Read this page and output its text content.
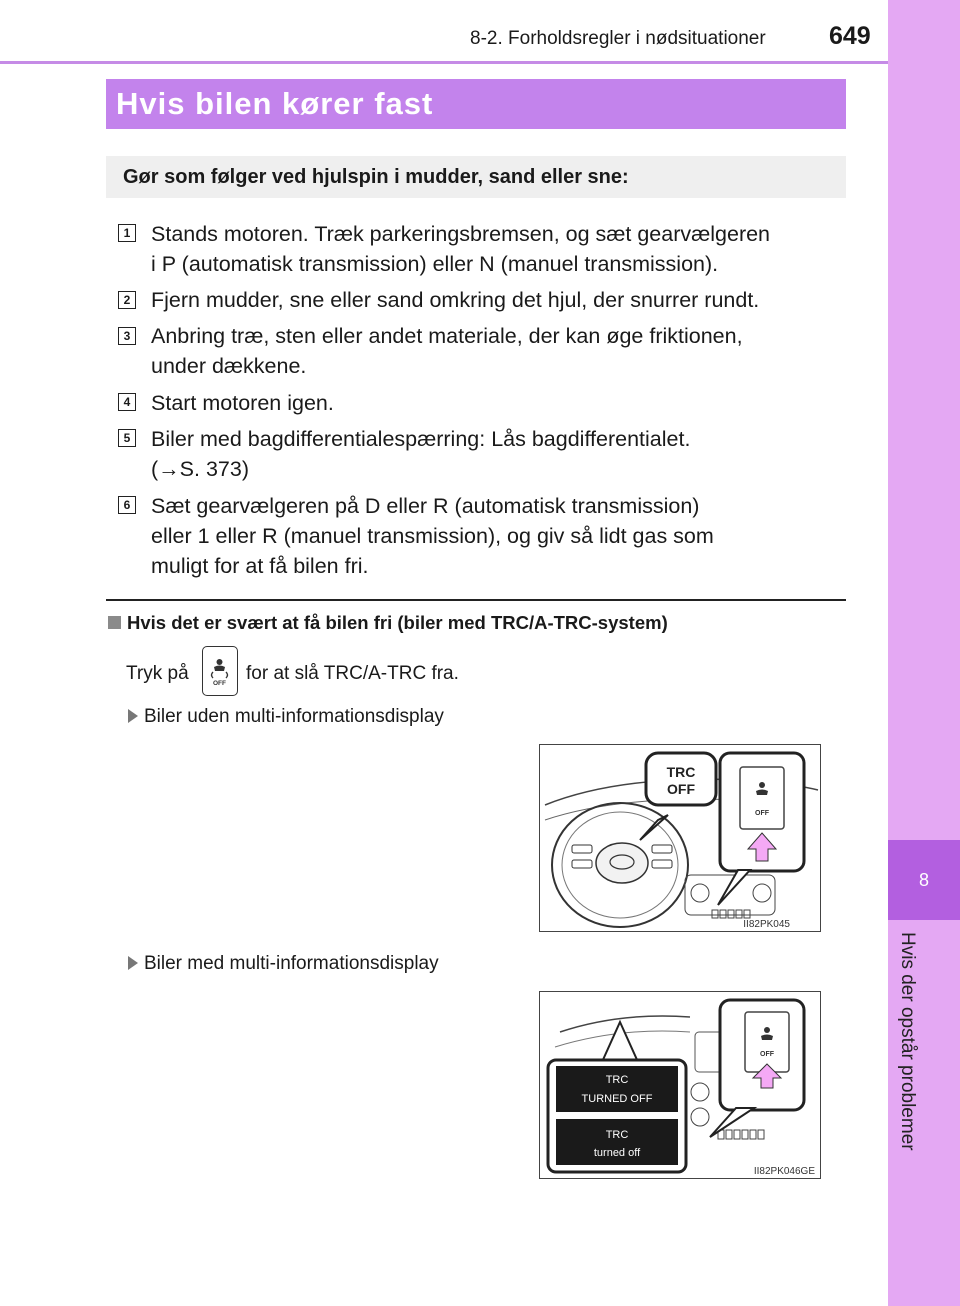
8-2. Forholdsregler i nødsituationer	649
8
Hvis der opstår problemer
Hvis bilen kører fast
Gør som følger ved hjulspin i mudder, sand eller sne:
1 Stands motoren. Træk parkeringsbremsen, og sæt gearvælgeren
i P (automatisk transmission) eller N (manuel transmission).
2 Fjern mudder, sne eller sand omkring det hjul, der snurrer rundt.
3 Anbring træ, sten eller andet materiale, der kan øge friktionen,
under dækkene.
4 Start motoren igen.
5 Biler med bagdifferentialespærring: Lås bagdifferentialet.
(→S. 373)
6 Sæt gearvælgeren på D eller R (automatisk transmission)
eller 1 eller R (manuel transmission), og giv så lidt gas som
muligt for at få bilen fri.
Hvis det er svært at få bilen fri (biler med TRC/A-TRC-system)
Tryk på	OFF for at slå TRC/A-TRC fra.
Biler uden multi-informationsdisplay
TRC
OFF
OFF
II82PK045
Biler med multi-informationsdisplay
TRC
TURNED OFF
TRC
turned off
OFF
II82PK046GE
